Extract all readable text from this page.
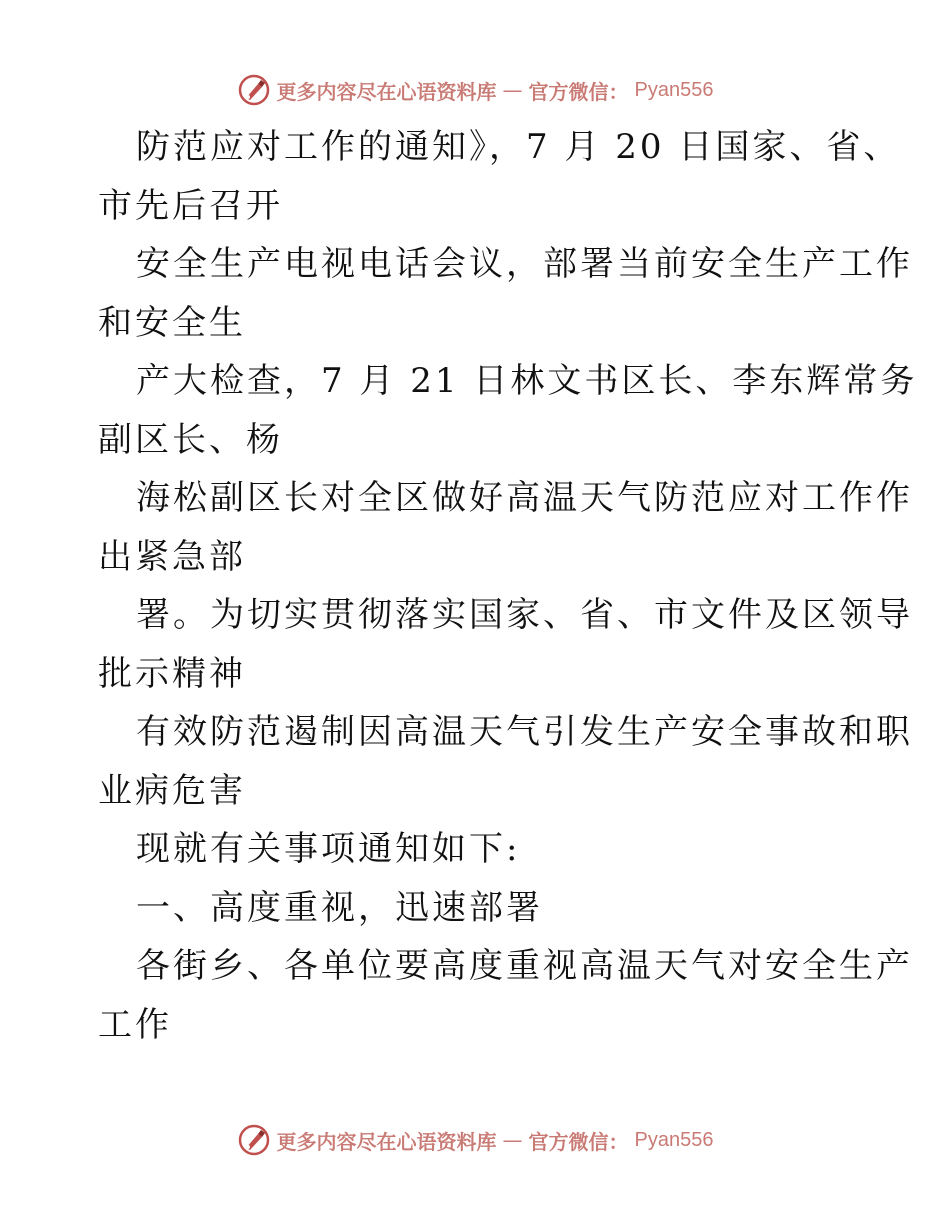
更多内容尽在心语资料库 — 官方微信： Pyan556
防范应对工作的通知》，7 月 20 日国家、省、
市先后召开
安全生产电视电话会议，部署当前安全生产工作
和安全生
产大检查，7 月 21 日林文书区长、李东辉常务
副区长、杨
海松副区长对全区做好高温天气防范应对工作作
出紧急部
署。为切实贯彻落实国家、省、市文件及区领导
批示精神
有效防范遏制因高温天气引发生产安全事故和职
业病危害
现就有关事项通知如下:
一、高度重视，迅速部署
各街乡、各单位要高度重视高温天气对安全生产
工作
更多内容尽在心语资料库 — 官方微信： Pyan556
